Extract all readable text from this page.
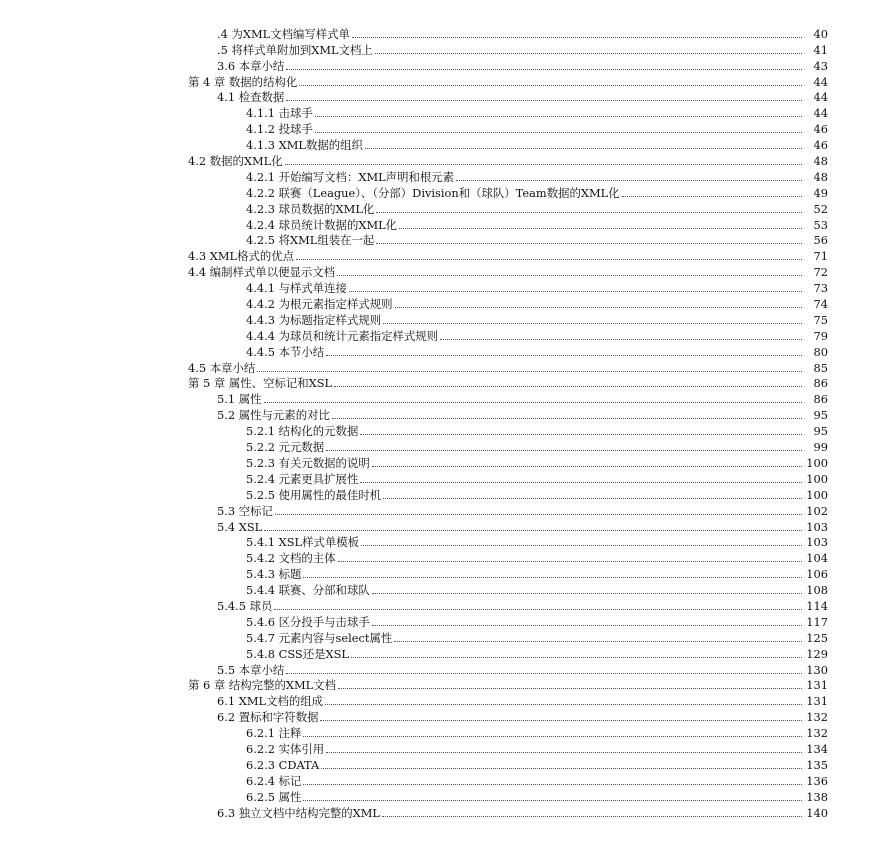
.4 为XML文档编写样式单	40
.5 将样式单附加到XML文档上	41
3.6 本章小结	43
第 4 章 数据的结构化	44
4.1 检查数据	44
4.1.1 击球手	44
4.1.2 投球手	46
4.1.3 XML数据的组织	46
4.2 数据的XML化	48
4.2.1 开始编写文档：XML声明和根元素	48
4.2.2 联赛（League）、（分部）Division和（球队）Team数据的XML化	49
4.2.3 球员数据的XML化	52
4.2.4 球员统计数据的XML化	53
4.2.5 将XML组装在一起	56
4.3 XML格式的优点	71
4.4 编制样式单以便显示文档	72
4.4.1 与样式单连接	73
4.4.2 为根元素指定样式规则	74
4.4.3 为标题指定样式规则	75
4.4.4 为球员和统计元素指定样式规则	79
4.4.5 本节小结	80
4.5 本章小结	85
第 5 章 属性、空标记和XSL	86
5.1 属性	86
5.2 属性与元素的对比	95
5.2.1 结构化的元数据	95
5.2.2 元元数据	99
5.2.3 有关元数据的说明	100
5.2.4 元素更具扩展性	100
5.2.5 使用属性的最佳时机	100
5.3 空标记	102
5.4 XSL	103
5.4.1 XSL样式单模板	103
5.4.2 文档的主体	104
5.4.3 标题	106
5.4.4 联赛、分部和球队	108
5.4.5 球员	114
5.4.6 区分投手与击球手	117
5.4.7 元素内容与select属性	125
5.4.8 CSS还是XSL	129
5.5 本章小结	130
第 6 章 结构完整的XML文档	131
6.1 XML文档的组成	131
6.2 置标和字符数据	132
6.2.1 注释	132
6.2.2 实体引用	134
6.2.3 CDATA	135
6.2.4 标记	136
6.2.5 属性	138
6.3 独立文档中结构完整的XML	140
